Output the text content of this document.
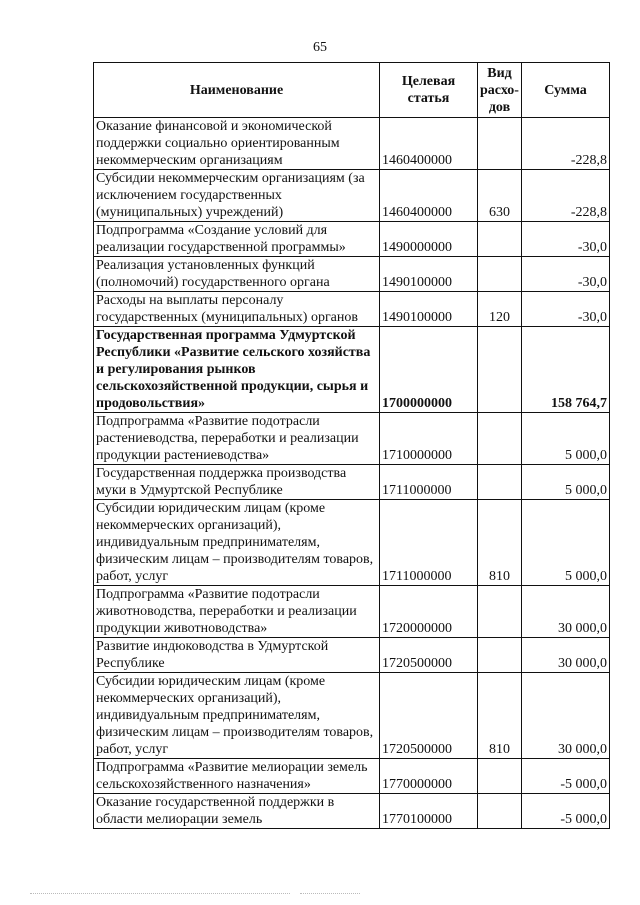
65
Наименование	Целевая статья	Вид расхо-дов	Сумма
Оказание финансовой и экономической поддержки социально ориентированным некоммерческим организациям	1460400000		-228,8
Субсидии некоммерческим организациям (за исключением государственных (муниципальных) учреждений)	1460400000	630	-228,8
Подпрограмма «Создание условий для реализации государственной программы»	1490000000		-30,0
Реализация установленных функций (полномочий) государственного органа	1490100000		-30,0
Расходы на выплаты персоналу государственных (муниципальных) органов	1490100000	120	-30,0
Государственная программа Удмуртской Республики «Развитие сельского хозяйства и регулирования рынков сельскохозяйственной продукции, сырья и продовольствия»	1700000000		158 764,7
Подпрограмма «Развитие подотрасли растениеводства, переработки и реализации продукции растениеводства»	1710000000		5 000,0
Государственная поддержка производства муки в Удмуртской Республике	1711000000		5 000,0
Субсидии юридическим лицам (кроме некоммерческих организаций), индивидуальным предпринимателям, физическим лицам – производителям товаров, работ, услуг	1711000000	810	5 000,0
Подпрограмма «Развитие подотрасли животноводства, переработки и реализации продукции животноводства»	1720000000		30 000,0
Развитие индюководства в Удмуртской Республике	1720500000		30 000,0
Субсидии юридическим лицам (кроме некоммерческих организаций), индивидуальным предпринимателям, физическим лицам – производителям товаров, работ, услуг	1720500000	810	30 000,0
Подпрограмма «Развитие мелиорации земель сельскохозяйственного назначения»	1770000000		-5 000,0
Оказание государственной поддержки в области мелиорации земель	1770100000		-5 000,0
